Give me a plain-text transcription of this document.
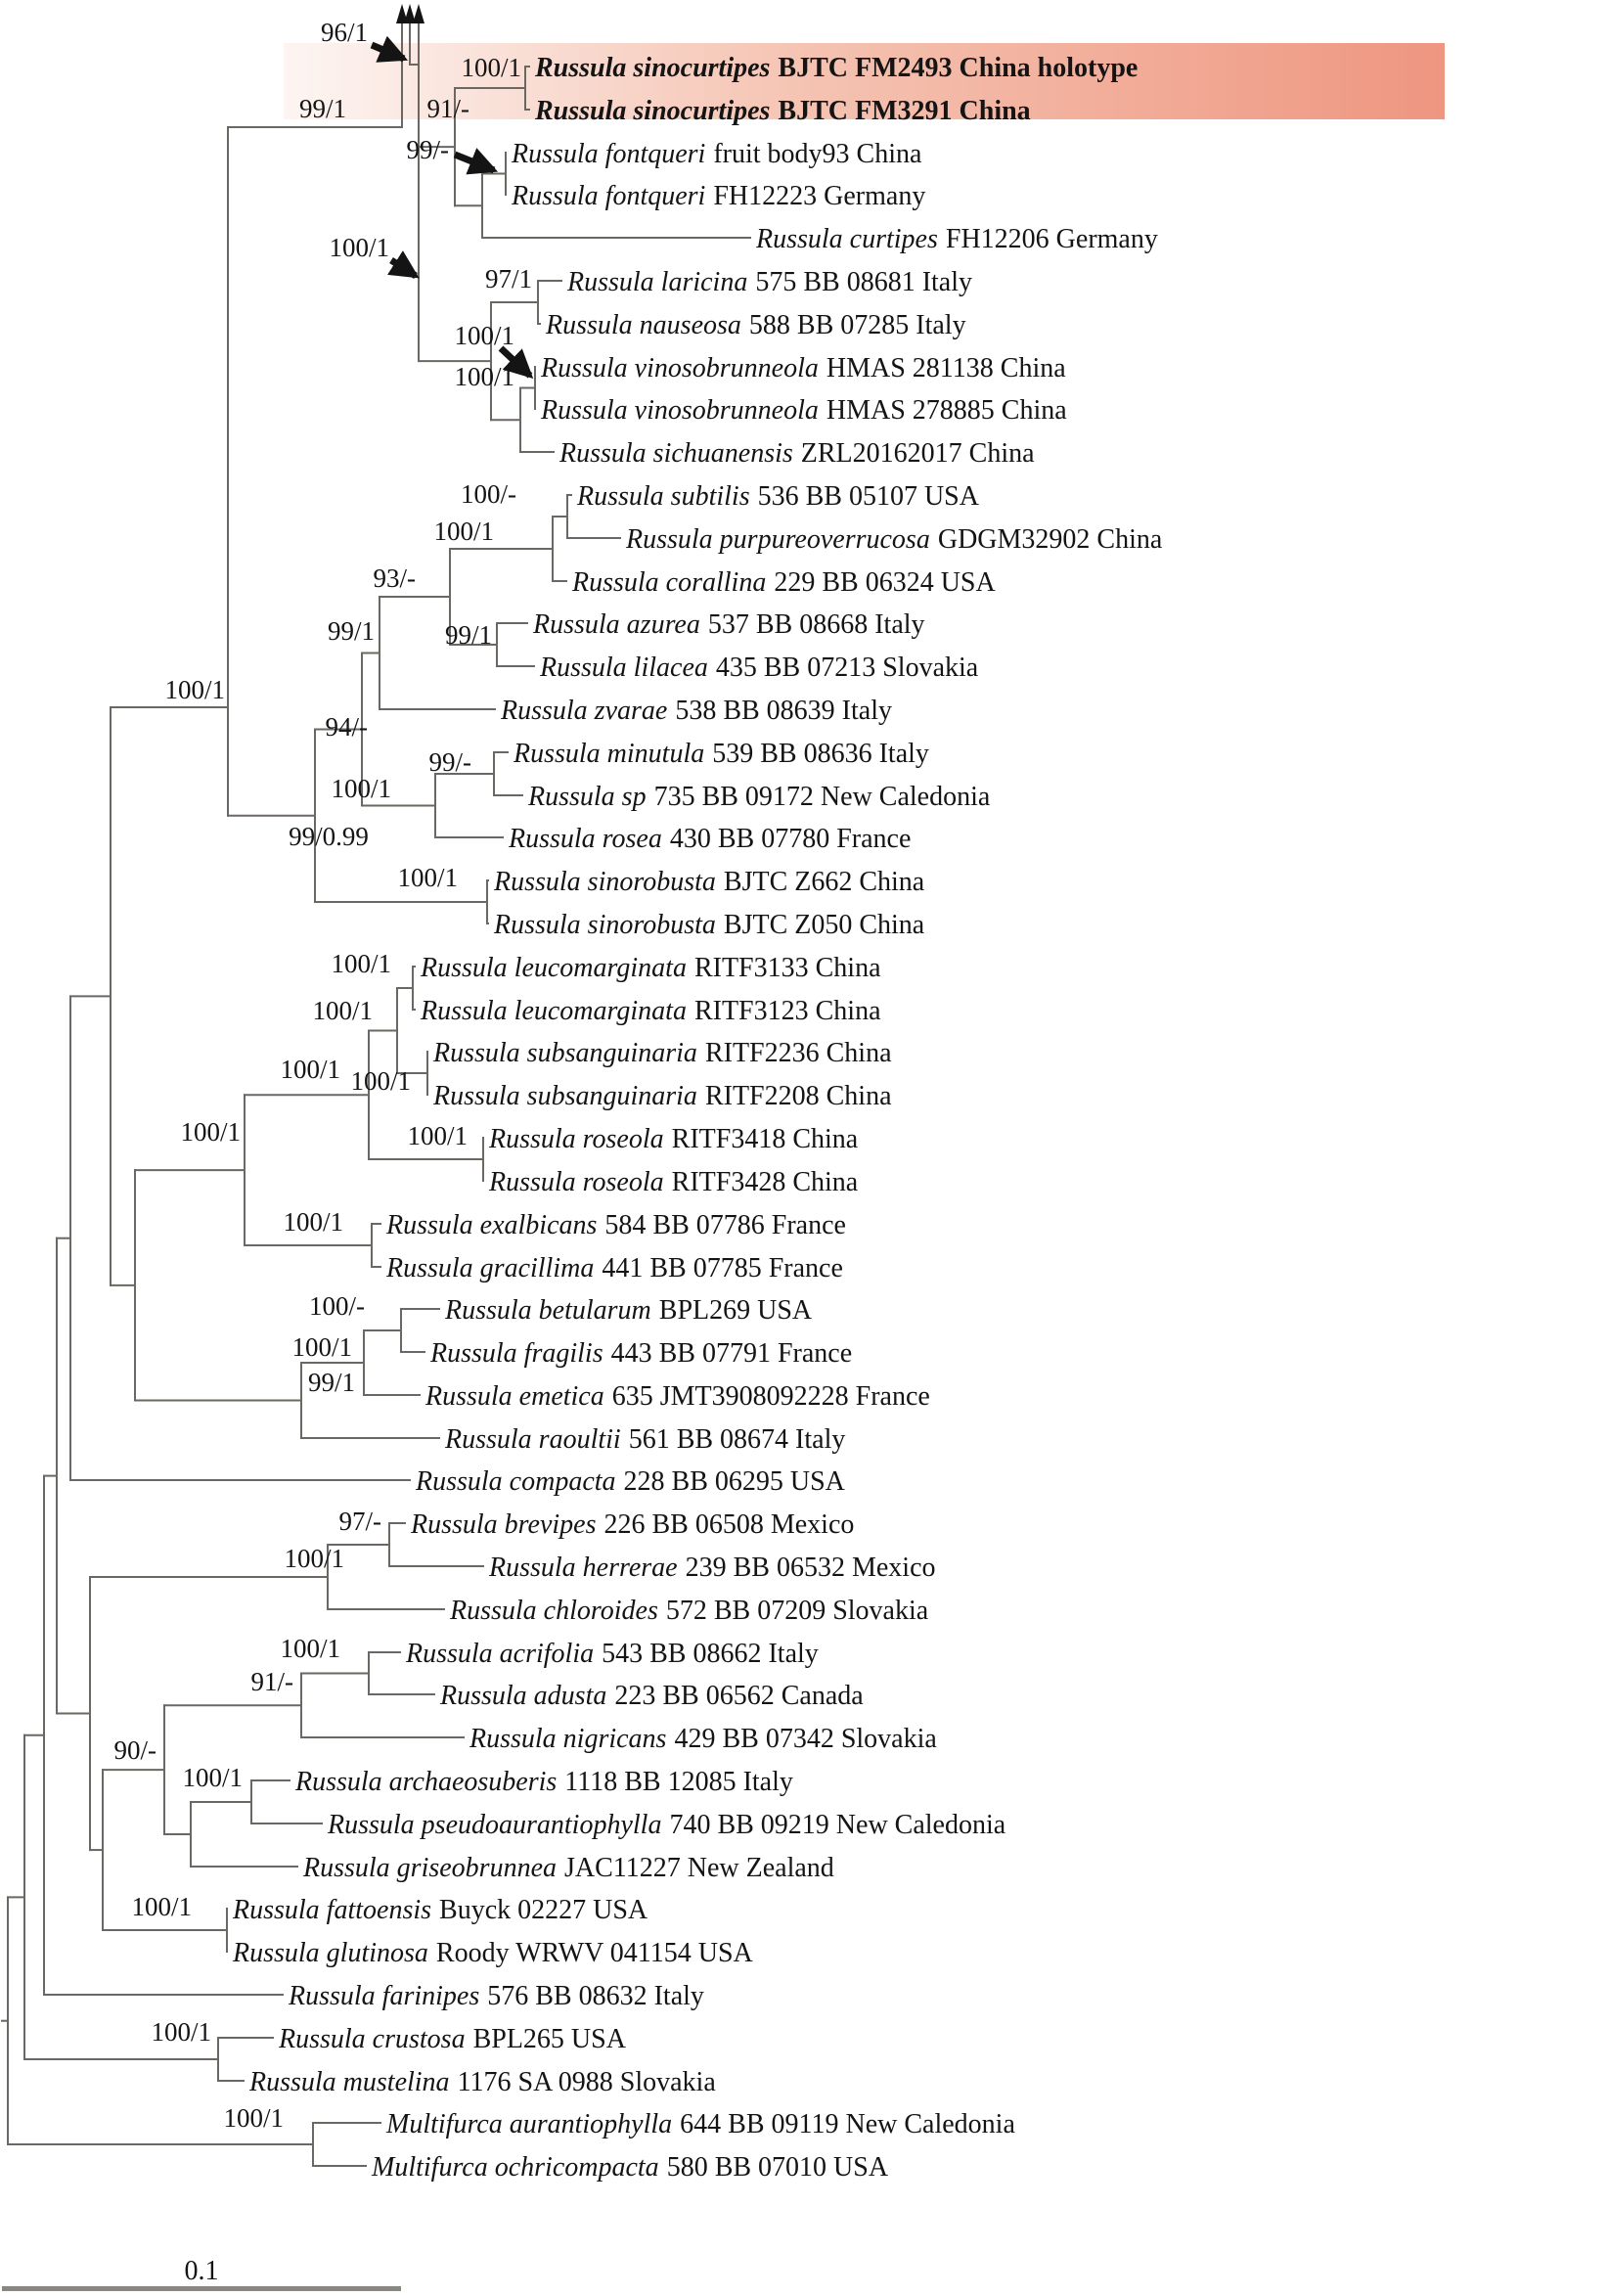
Russula subtilis 536 BB 05107 USA
Russula purpureoverrucosa GDGM32902 China
100/-
Russula corallina 229 BB 06324 USA
100/1
Russula azurea 537 BB 08668 Italy
Russula lilacea 435 BB 07213 Slovakia
99/1
93/-
Russula zvarae 538 BB 08639 Italy
99/1
Russula minutula 539 BB 08636 Italy
Russula sp 735 BB 09172 New Caledonia
99/-
Russula rosea 430 BB 07780 France
100/1
94/-
Russula sinorobusta BJTC Z662 China
Russula sinorobusta BJTC Z050 China
100/1
99/0.99
100/1
Russula leucomarginata RITF3133 China
Russula leucomarginata RITF3123 China
100/1
Russula subsanguinaria RITF2236 China
Russula subsanguinaria RITF2208 China
100/1
100/1
Russula roseola RITF3418 China
Russula roseola RITF3428 China
100/1
100/1
Russula exalbicans 584 BB 07786 France
Russula gracillima 441 BB 07785 France
100/1
100/1
Russula betularum BPL269 USA
Russula fragilis 443 BB 07791 France
100/-
Russula emetica 635 JMT3908092228 France
100/1
Russula raoultii 561 BB 08674 Italy
99/1
Russula compacta 228 BB 06295 USA
Russula brevipes 226 BB 06508 Mexico
Russula herrerae 239 BB 06532 Mexico
97/-
Russula chloroides 572 BB 07209 Slovakia
100/1
Russula acrifolia 543 BB 08662 Italy
Russula adusta 223 BB 06562 Canada
100/1
Russula nigricans 429 BB 07342 Slovakia
91/-
Russula archaeosuberis 1118 BB 12085 Italy
Russula pseudoaurantiophylla 740 BB 09219 New Caledonia
100/1
Russula griseobrunnea JAC11227 New Zealand
90/-
Russula fattoensis Buyck 02227 USA
Russula glutinosa Roody WRWV 041154 USA
100/1
Russula farinipes 576 BB 08632 Italy
Russula crustosa BPL265 USA
Russula mustelina 1176 SA 0988 Slovakia
100/1
Multifurca aurantiophylla 644 BB 09119 New Caledonia
Multifurca ochricompacta 580 BB 07010 USA
100/1
Russula sinocurtipes BJTC FM2493 China holotype
Russula sinocurtipes BJTC FM3291 China
100/1
Russula fontqueri fruit body93 China
Russula fontqueri FH12223 Germany
Russula curtipes FH12206 Germany
99/-
91/-
Russula laricina 575 BB 08681 Italy
Russula nauseosa 588 BB 07285 Italy
97/1
Russula vinosobrunneola HMAS 281138 China
Russula vinosobrunneola HMAS 278885 China
100/1
Russula sichuanensis ZRL20162017 China
100/1
100/1
96/1
99/1
0.1
